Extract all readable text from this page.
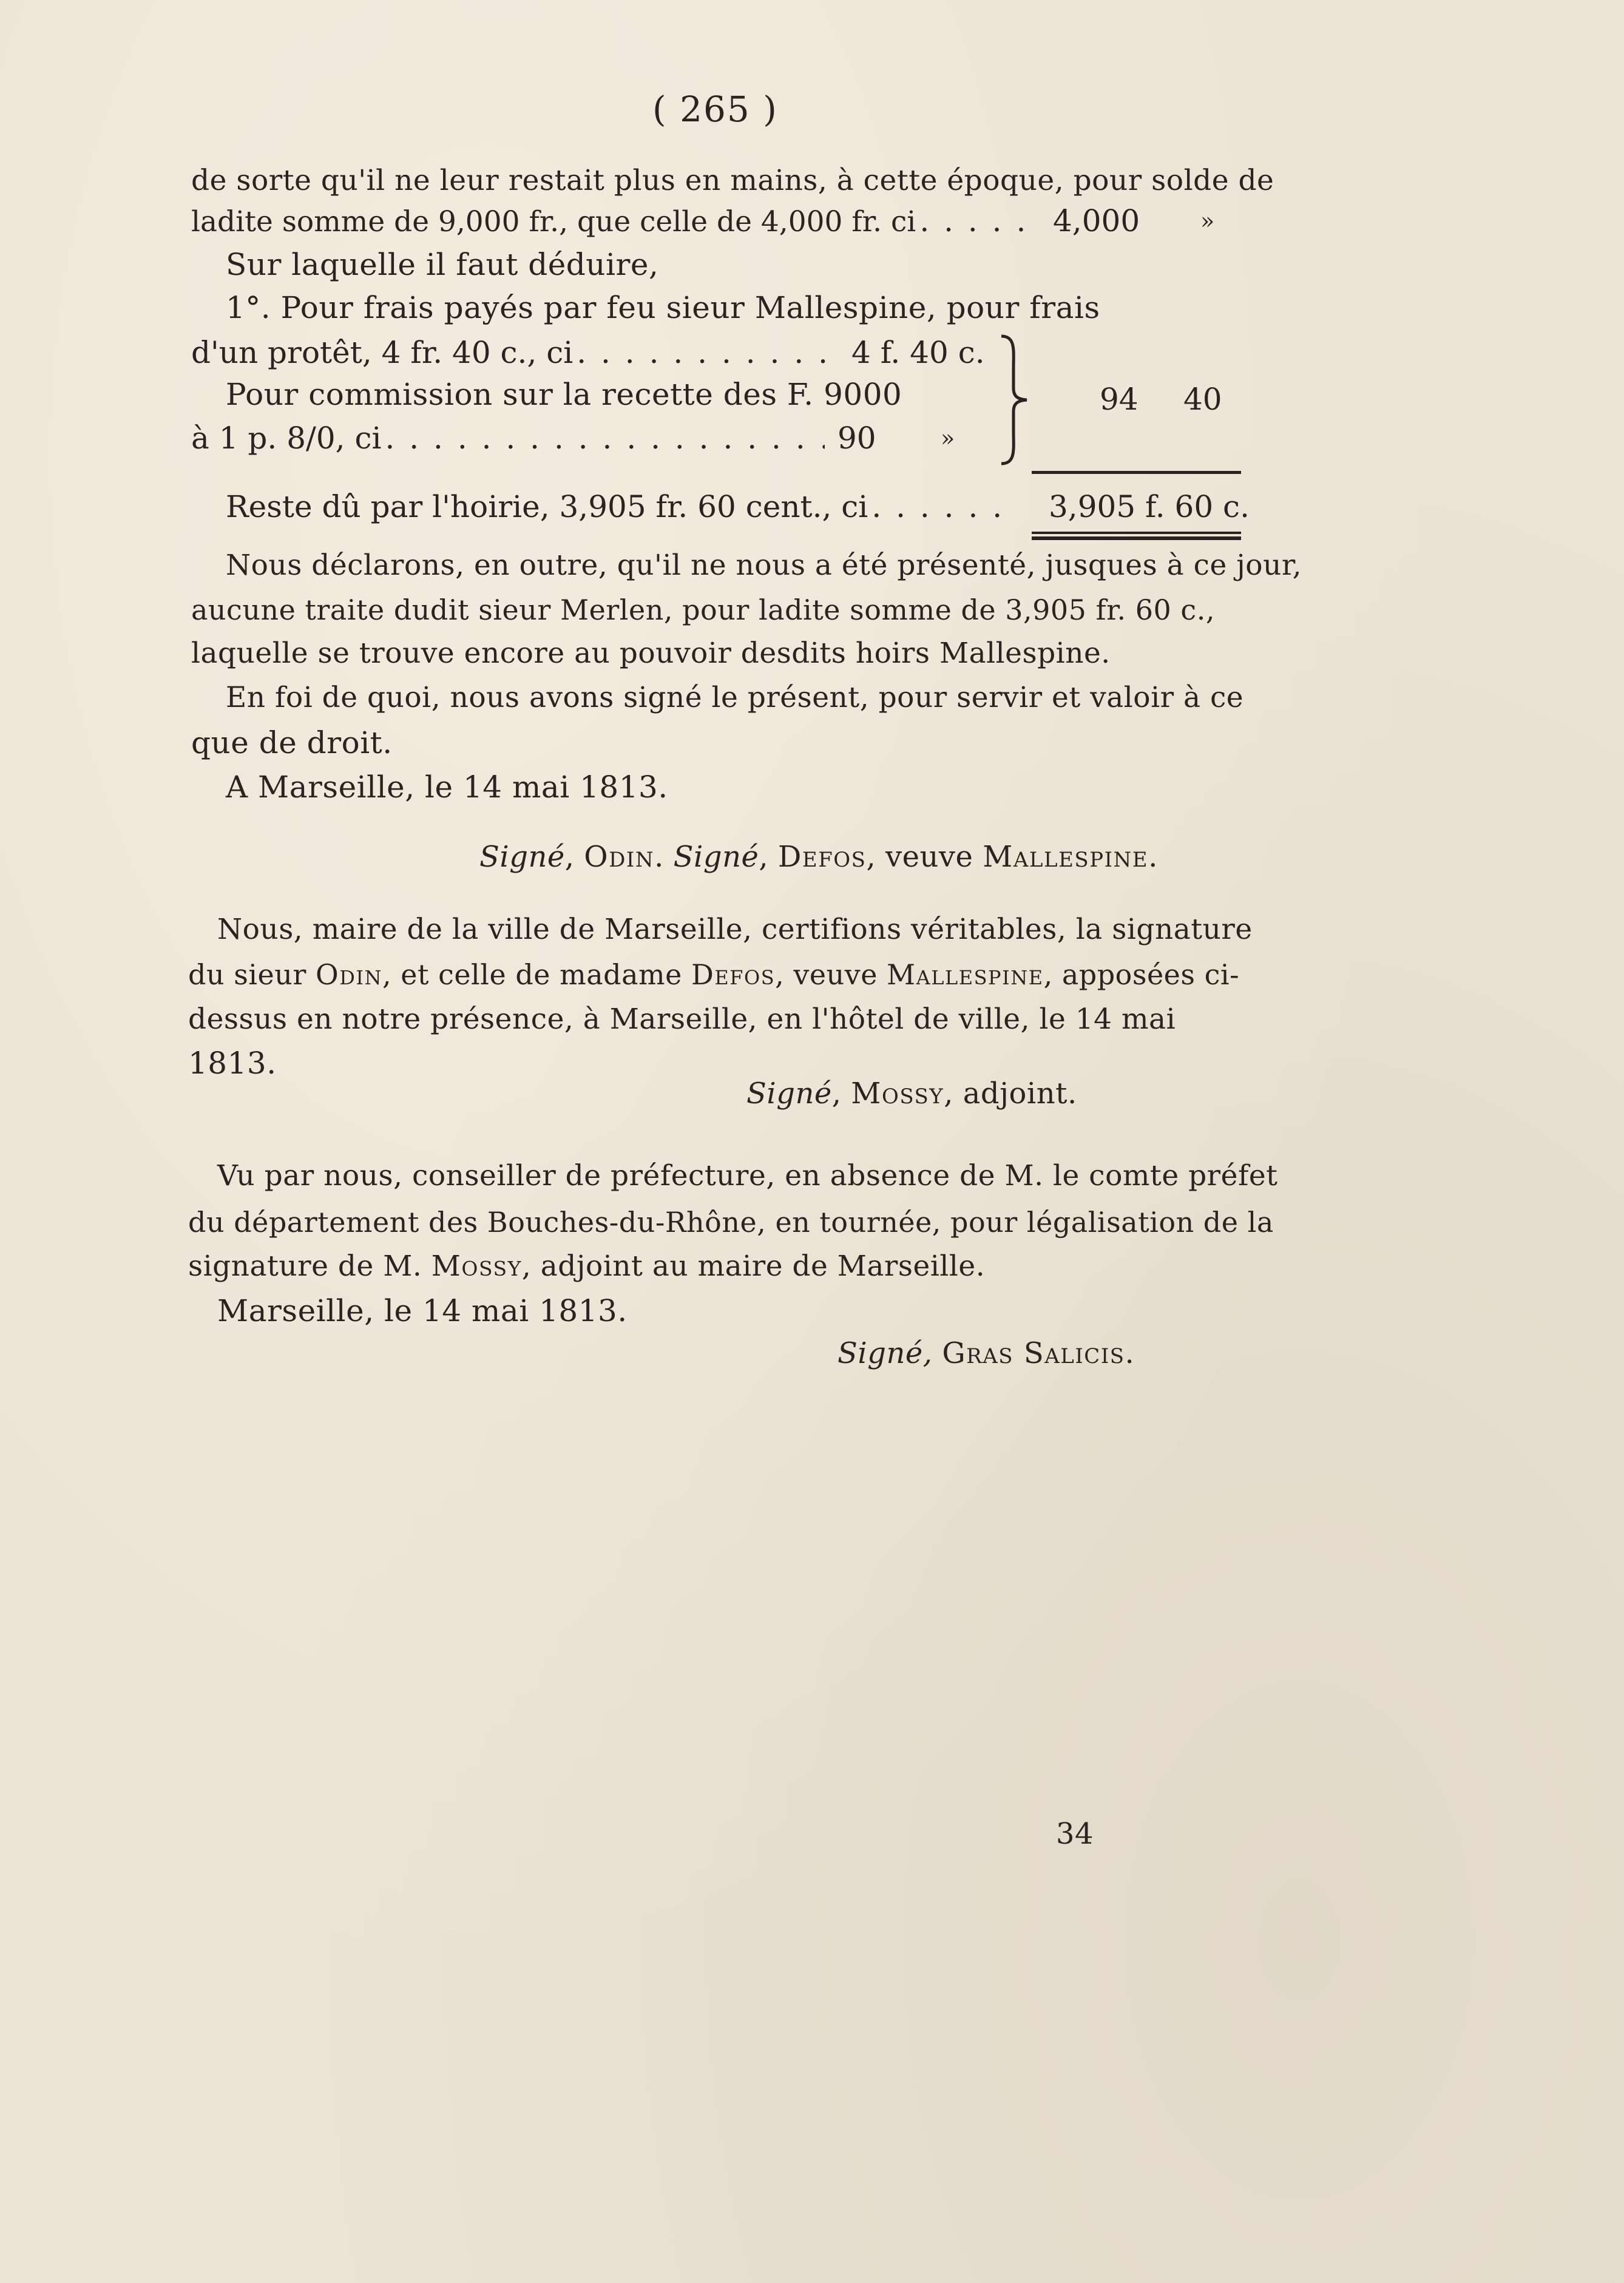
( 265 )
de sorte qu'il ne leur restait plus en mains, à cette époque, pour solde de
ladite somme de 9,000 fr., que celle de 4,000 fr. ci . . .	4,000	»
Sur laquelle il faut déduire,
1°. Pour frais payés par feu sieur Mallespine, pour frais
d'un protêt, 4 fr. 40 c., ci . . .	4 f. 40 c.
Pour commission sur la recette des F. 9000
à 1 p. 8/0, ci . . .	90	»
94 40
Reste dû par l'hoirie, 3,905 fr. 60 cent., ci . . .	3,905 f. 60 c.
Nous déclarons, en outre, qu'il ne nous a été présenté, jusques à ce jour,
aucune traite dudit sieur Merlen, pour ladite somme de 3,905 fr. 60 c.,
laquelle se trouve encore au pouvoir desdits hoirs Mallespine.
En foi de quoi, nous avons signé le présent, pour servir et valoir à ce
que de droit.
A Marseille, le 14 mai 1813.
Signé, Odin. Signé, Defos, veuve Mallespine.
Nous, maire de la ville de Marseille, certifions véritables, la signature
du sieur Odin, et celle de madame Defos, veuve Mallespine, apposées ci-
dessus en notre présence, à Marseille, en l'hôtel de ville, le 14 mai
1813.
Signé, Mossy, adjoint.
Vu par nous, conseiller de préfecture, en absence de M. le comte préfet
du département des Bouches-du-Rhône, en tournée, pour légalisation de la
signature de M. Mossy, adjoint au maire de Marseille.
Marseille, le 14 mai 1813.
Signé, Gras Salicis.
34
